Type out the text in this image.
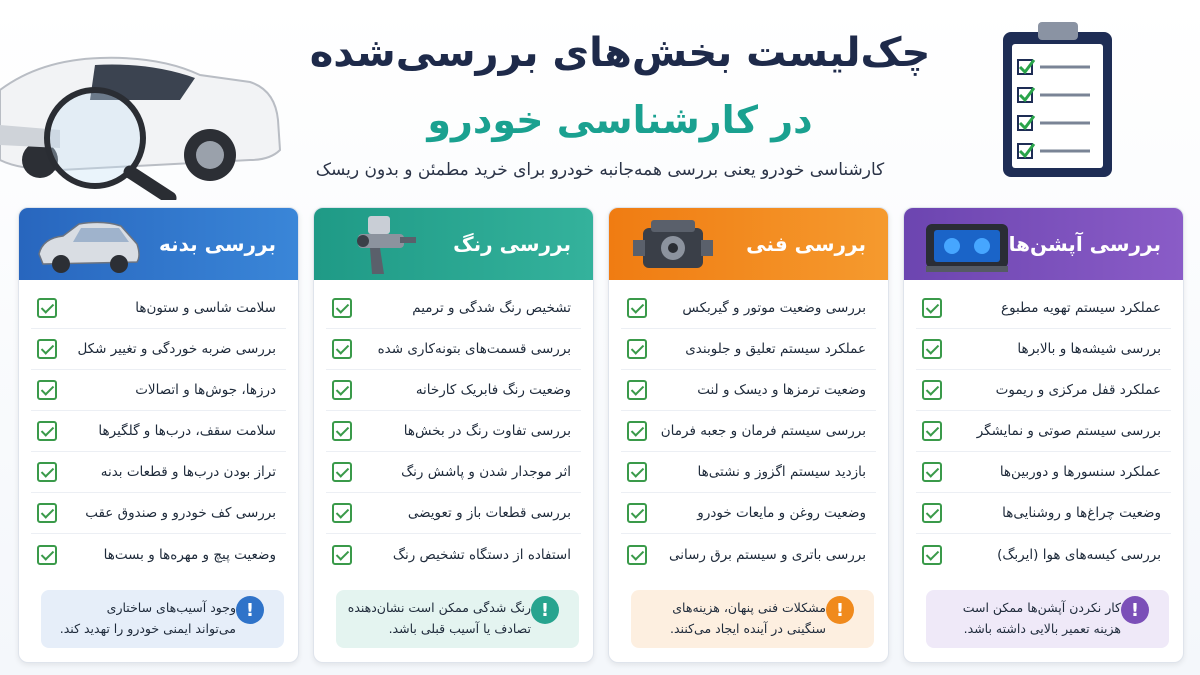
چک‌لیست بخش‌های بررسی‌شده
در کارشناسی خودرو

کارشناسی خودرو یعنی بررسی همه‌جانبه خودرو برای خرید مطمئن و بدون ریسک

بررسی آپشن‌ها
عملکرد سیستم تهویه مطبوع
بررسی شیشه‌ها و بالابرها
عملکرد قفل مرکزی و ریموت
بررسی سیستم صوتی و نمایشگر
عملکرد سنسورها و دوربین‌ها
وضعیت چراغ‌ها و روشنایی‌ها
بررسی کیسه‌های هوا (ایربگ)
!
کار نکردن آپشن‌ها ممکن است
هزینه تعمیر بالایی داشته باشد.
بررسی فنی
بررسی وضعیت موتور و گیربکس
عملکرد سیستم تعلیق و جلوبندی
وضعیت ترمزها و دیسک و لنت
بررسی سیستم فرمان و جعبه فرمان
بازدید سیستم اگزوز و نشتی‌ها
وضعیت روغن و مایعات خودرو
بررسی باتری و سیستم برق رسانی
!
مشکلات فنی پنهان، هزینه‌های
سنگینی در آینده ایجاد می‌کنند.
بررسی رنگ
تشخیص رنگ شدگی و ترمیم
بررسی قسمت‌های بتونه‌کاری شده
وضعیت رنگ فابریک کارخانه
بررسی تفاوت رنگ در بخش‌ها
اثر موجدار شدن و پاشش رنگ
بررسی قطعات باز و تعویضی
استفاده از دستگاه تشخیص رنگ
!
رنگ شدگی ممکن است نشان‌دهنده
تصادف یا آسیب قبلی باشد.
بررسی بدنه
سلامت شاسی و ستون‌ها
بررسی ضربه خوردگی و تغییر شکل
درزها، جوش‌ها و اتصالات
سلامت سقف، درب‌ها و گلگیرها
تراز بودن درب‌ها و قطعات بدنه
بررسی کف خودرو و صندوق عقب
وضعیت پیچ و مهره‌ها و بست‌ها
!
وجود آسیب‌های ساختاری
می‌تواند ایمنی خودرو را تهدید کند.
